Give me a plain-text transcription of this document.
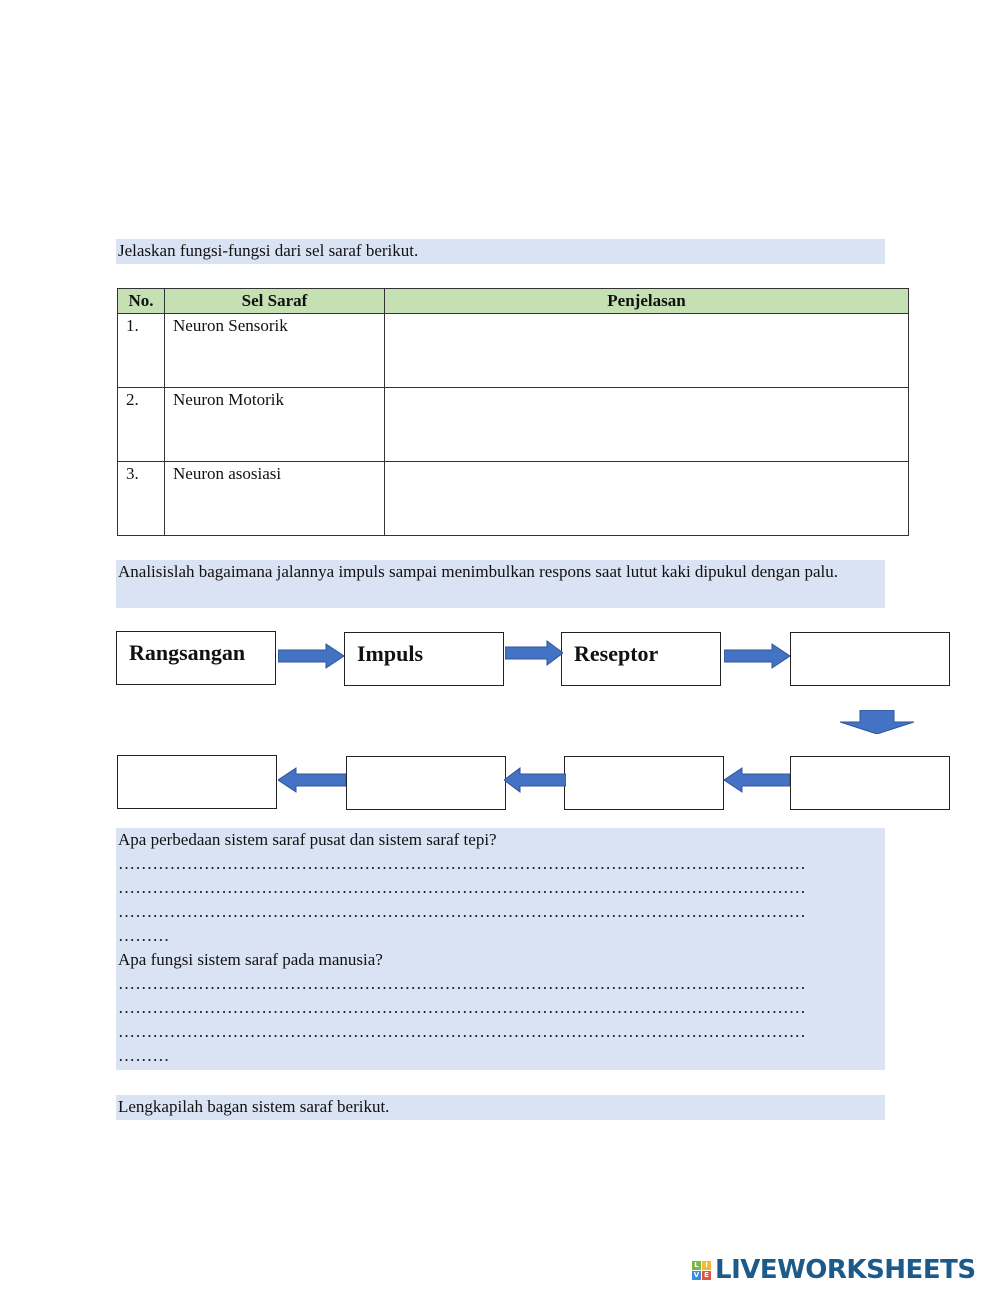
Jelaskan fungsi-fungsi dari sel saraf berikut.
No.	Sel Saraf	Penjelasan
1.	Neuron Sensorik	
2.	Neuron Motorik	
3.	Neuron asosiasi	
Analisislah bagaimana jalannya impuls sampai menimbulkan respons saat lutut kaki dipukul dengan palu.
Rangsangan	Impuls	Reseptor
Apa perbedaan sistem saraf pusat dan sistem saraf tepi?
…………………………………………………………………………………………………………
…………………………………………………………………………………………………………
…………………………………………………………………………………………………………
………
Apa fungsi sistem saraf pada manusia?
…………………………………………………………………………………………………………
…………………………………………………………………………………………………………
…………………………………………………………………………………………………………
………
Lengkapilah bagan sistem saraf berikut.
L I
V E LIVEWORKSHEETS
